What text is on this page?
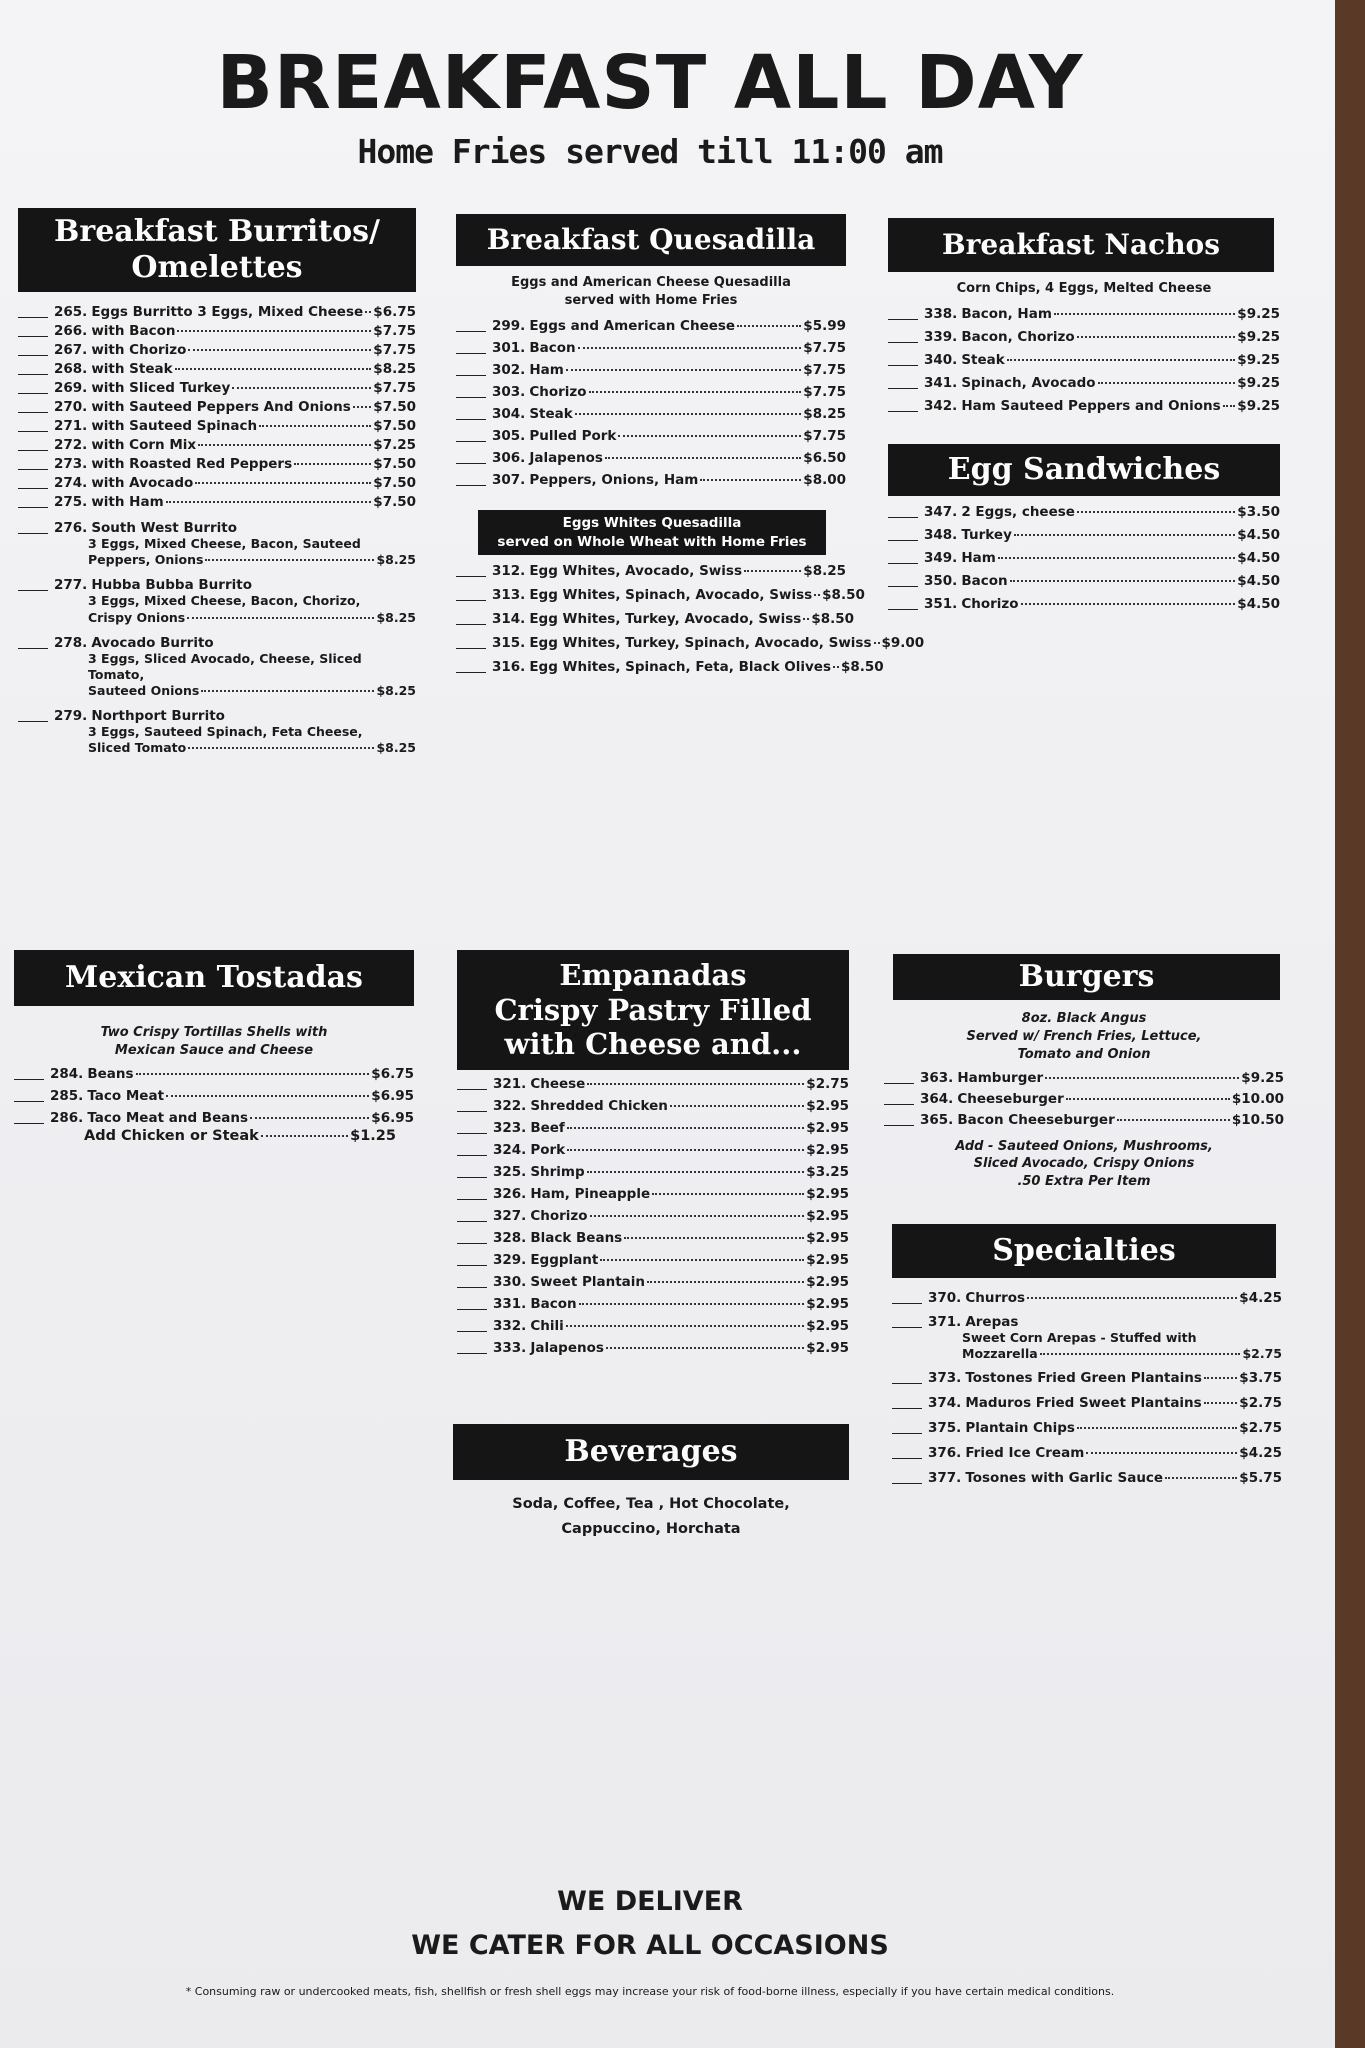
BREAKFAST ALL DAY
Home Fries served till 11:00 am
Breakfast Burritos/ Omelettes
265. Eggs Burritto 3 Eggs, Mixed Cheese $6.75
266. with Bacon	$7.75
267. with Chorizo	$7.75
268. with Steak	$8.25
269. with Sliced Turkey	$7.75
270. with Sauteed Peppers And Onions $7.50
271. with Sauteed Spinach	$7.50
272. with Corn Mix	$7.25
273. with Roasted Red Peppers	$7.50
274. with Avocado	$7.50
275. with Ham	$7.50
276. South West Burrito
3 Eggs, Mixed Cheese, Bacon, Sauteed
Peppers, Onions	$8.25
277. Hubba Bubba Burrito
3 Eggs, Mixed Cheese, Bacon, Chorizo,
Crispy Onions	$8.25
278. Avocado Burrito
3 Eggs, Sliced Avocado, Cheese, Sliced Tomato,
Sauteed Onions	$8.25
279. Northport Burrito
3 Eggs, Sauteed Spinach, Feta Cheese,
Sliced Tomato	$8.25
Breakfast Quesadilla
Eggs and American Cheese Quesadilla
served with Home Fries
299. Eggs and American Cheese	$5.99
301. Bacon	$7.75
302. Ham	$7.75
303. Chorizo	$7.75
304. Steak	$8.25
305. Pulled Pork	$7.75
306. Jalapenos	$6.50
307. Peppers, Onions, Ham	$8.00
Eggs Whites Quesadilla
served on Whole Wheat with Home Fries
312. Egg Whites, Avocado, Swiss	$8.25
313. Egg Whites, Spinach, Avocado, Swiss $8.50
314. Egg Whites, Turkey, Avocado, Swiss $8.50
315. Egg Whites, Turkey, Spinach, Avocado, Swiss $9.00
316. Egg Whites, Spinach, Feta, Black Olives $8.50
Breakfast Nachos
Corn Chips, 4 Eggs, Melted Cheese
338. Bacon, Ham	$9.25
339. Bacon, Chorizo	$9.25
340. Steak	$9.25
341. Spinach, Avocado	$9.25
342. Ham Sauteed Peppers and Onions $9.25
Egg Sandwiches
347. 2 Eggs, cheese	$3.50
348. Turkey	$4.50
349. Ham	$4.50
350. Bacon	$4.50
351. Chorizo	$4.50
Mexican Tostadas
Two Crispy Tortillas Shells with
Mexican Sauce and Cheese
284. Beans	$6.75
285. Taco Meat	$6.95
286. Taco Meat and Beans	$6.95
Add Chicken or Steak	$1.25
Empanadas
Crispy Pastry Filled
with Cheese and...
321. Cheese	$2.75
322. Shredded Chicken	$2.95
323. Beef	$2.95
324. Pork	$2.95
325. Shrimp	$3.25
326. Ham, Pineapple	$2.95
327. Chorizo	$2.95
328. Black Beans	$2.95
329. Eggplant	$2.95
330. Sweet Plantain	$2.95
331. Bacon	$2.95
332. Chili	$2.95
333. Jalapenos	$2.95
Beverages
Soda, Coffee, Tea , Hot Chocolate,
Cappuccino, Horchata
Burgers
8oz. Black Angus
Served w/ French Fries, Lettuce,
Tomato and Onion
363. Hamburger	$9.25
364. Cheeseburger	$10.00
365. Bacon Cheeseburger	$10.50
Add - Sauteed Onions, Mushrooms,
Sliced Avocado, Crispy Onions
.50 Extra Per Item
Specialties
370. Churros	$4.25
371. Arepas
Sweet Corn Arepas - Stuffed with
Mozzarella	$2.75
373. Tostones Fried Green Plantains	$3.75
374. Maduros Fried Sweet Plantains	$2.75
375. Plantain Chips	$2.75
376. Fried Ice Cream	$4.25
377. Tosones with Garlic Sauce	$5.75
WE DELIVER
WE CATER FOR ALL OCCASIONS
* Consuming raw or undercooked meats, fish, shellfish or fresh shell eggs may increase your risk of food-borne illness, especially if you have certain medical conditions.
